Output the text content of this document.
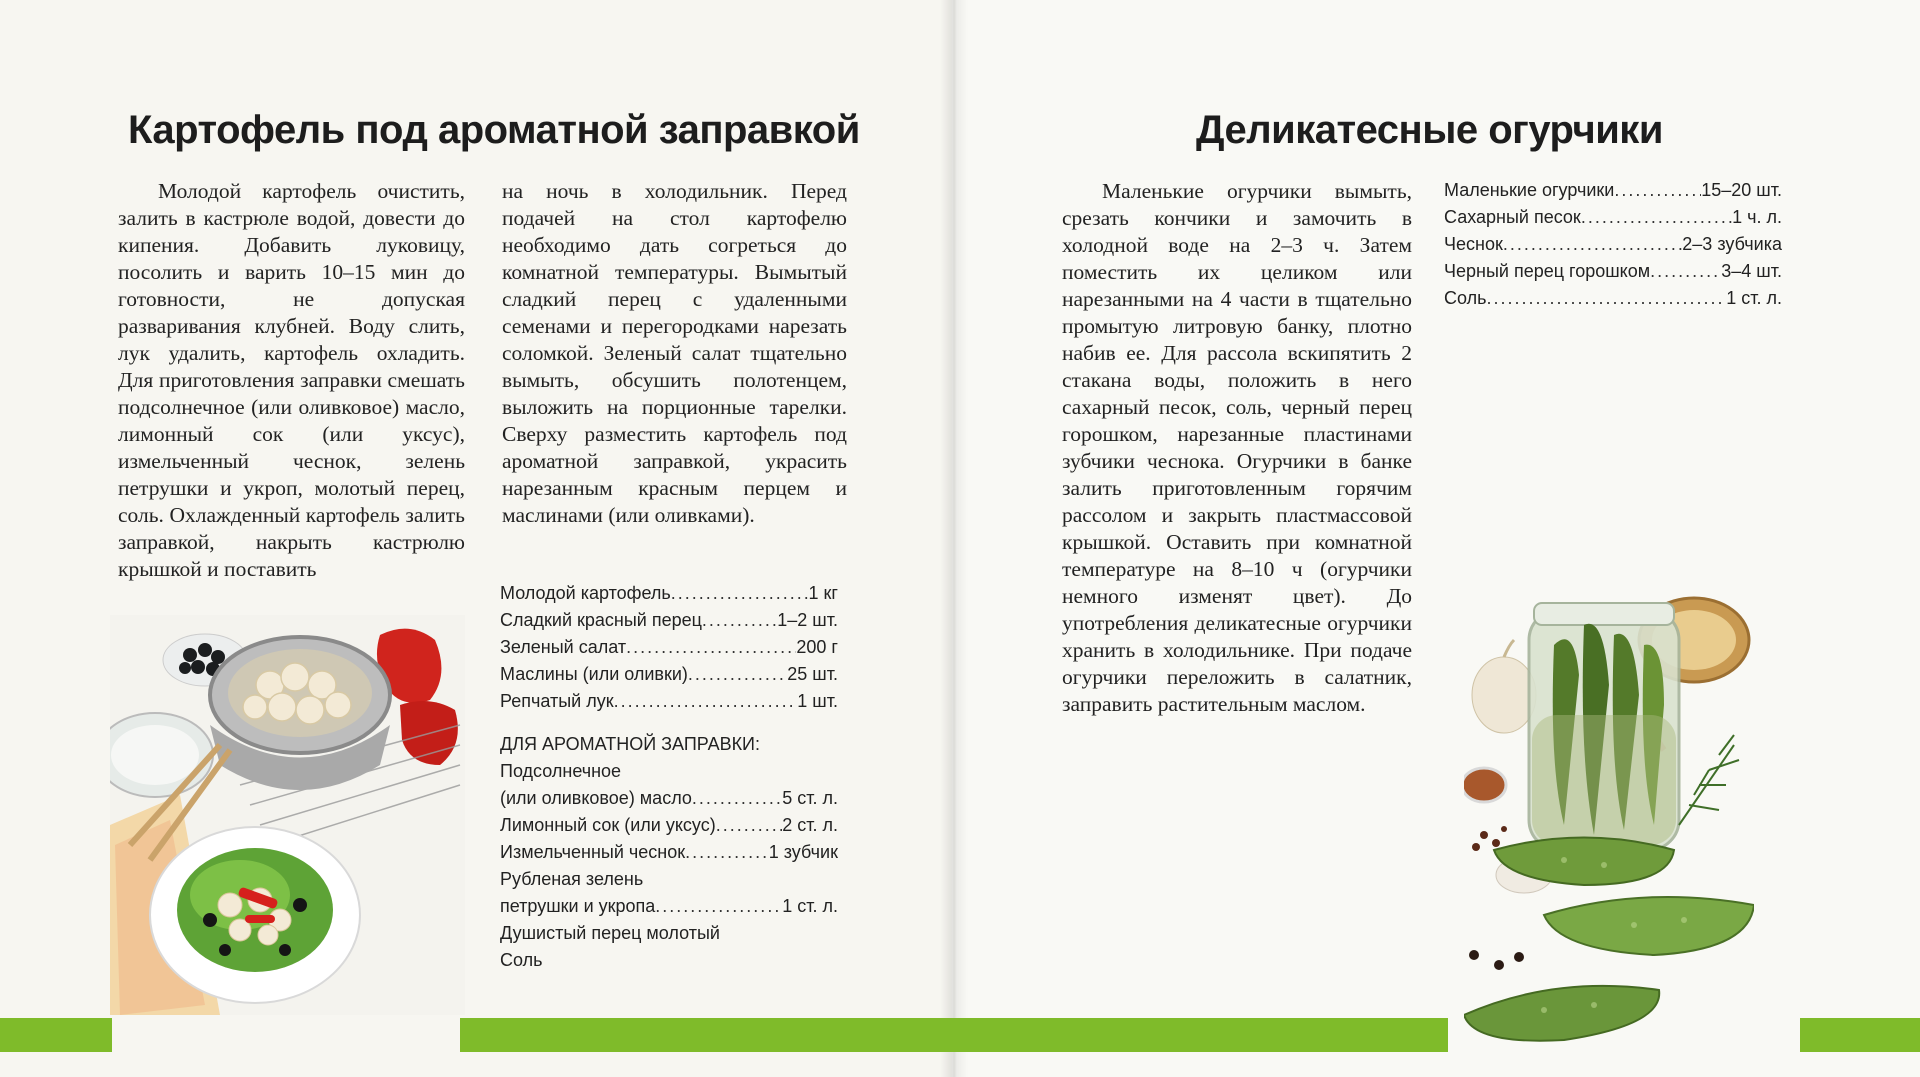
Картофель под ароматной заправкой
Молодой картофель очистить, залить в кастрюле водой, довести до кипения. Добавить луковицу, посолить и варить 10–15 мин до готовности, не допуская разваривания клубней. Воду слить, лук удалить, картофель охладить. Для приготовления заправки смешать подсолнечное (или оливковое) масло, лимонный сок (или уксус), измельченный чеснок, зелень петрушки и укроп, молотый перец, соль. Охлажденный картофель залить заправкой, накрыть кастрюлю крышкой и поставить
на ночь в холодильник. Перед подачей на стол картофелю необходимо дать согреться до комнатной температуры. Вымытый сладкий перец с удаленными семенами и перегородками нарезать соломкой. Зеленый салат тщательно вымыть, обсушить полотенцем, выложить на порционные тарелки. Сверху разместить картофель под ароматной заправкой, украсить нарезанным красным перцем и маслинами (или оливками).
Молодой картофель .....	1 кг
Сладкий красный перец .....	1–2 шт.
Зеленый салат .....	200 г
Маслины (или оливки) .....	25 шт.
Репчатый лук .....	1 шт.
ДЛЯ АРОМАТНОЙ ЗАПРАВКИ:
Подсолнечное
(или оливковое) масло .....	5 ст. л.
Лимонный сок (или уксус) .....	2 ст. л.
Измельченный чеснок .....	1 зубчик
Рубленая зелень
петрушки и укропа .....	1 ст. л.
Душистый перец молотый
Соль
Деликатесные огурчики
Маленькие огурчики вымыть, срезать кончики и замочить в холодной воде на 2–3 ч. Затем поместить их целиком или нарезанными на 4 части в тщательно промытую литровую банку, плотно набив ее. Для рассола вскипятить 2 стакана воды, положить в него сахарный песок, соль, черный перец горошком, нарезанные пластинами зубчики чеснока. Огурчики в банке залить приготовленным горячим рассолом и закрыть пластмассовой крышкой. Оставить при комнатной температуре на 8–10 ч (огурчики немного изменят цвет). До употребления деликатесные огурчики хранить в холодильнике. При подаче огурчики переложить в салатник, заправить растительным маслом.
Маленькие огурчики .....	15–20 шт.
Сахарный песок .....	1 ч. л.
Чеснок .....	2–3 зубчика
Черный перец горошком .....	3–4 шт.
Соль .....	1 ст. л.
